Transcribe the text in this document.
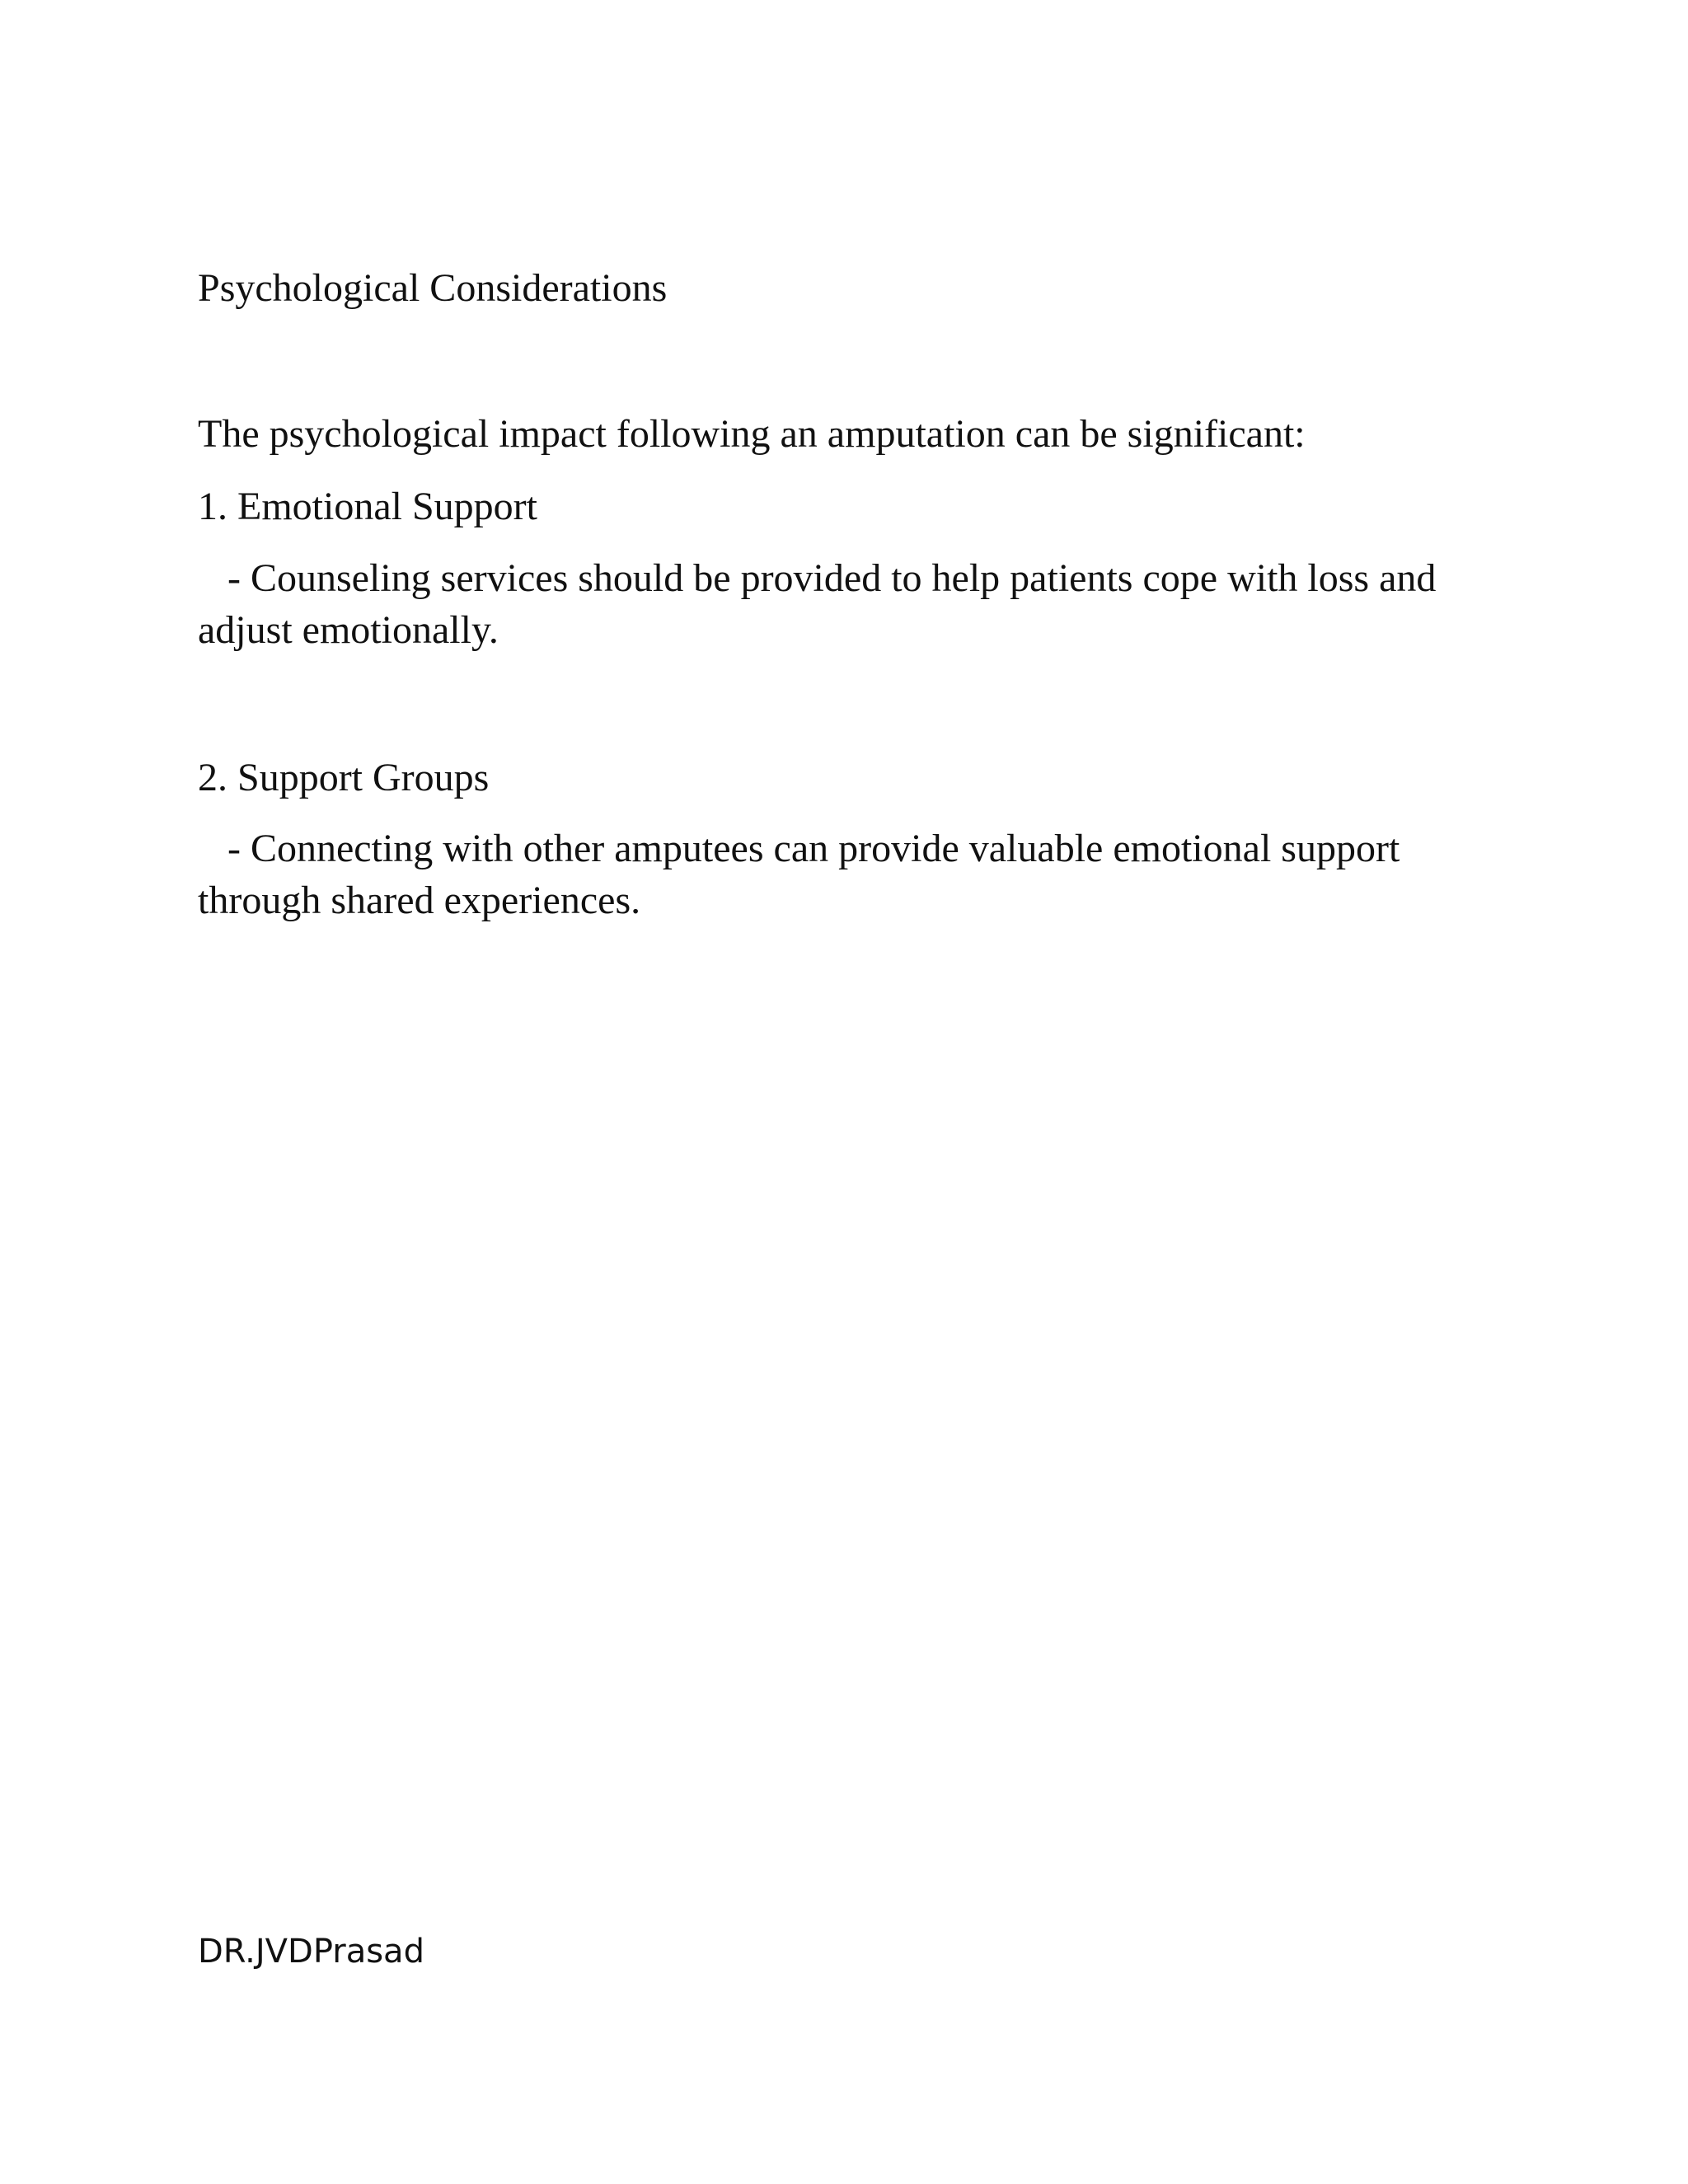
Psychological Considerations

The psychological impact following an amputation can be significant:

1. Emotional Support

- Counseling services should be provided to help patients cope with loss and adjust emotionally.

2. Support Groups

- Connecting with other amputees can provide valuable emotional support through shared experiences.

DR.JVDPrasad
